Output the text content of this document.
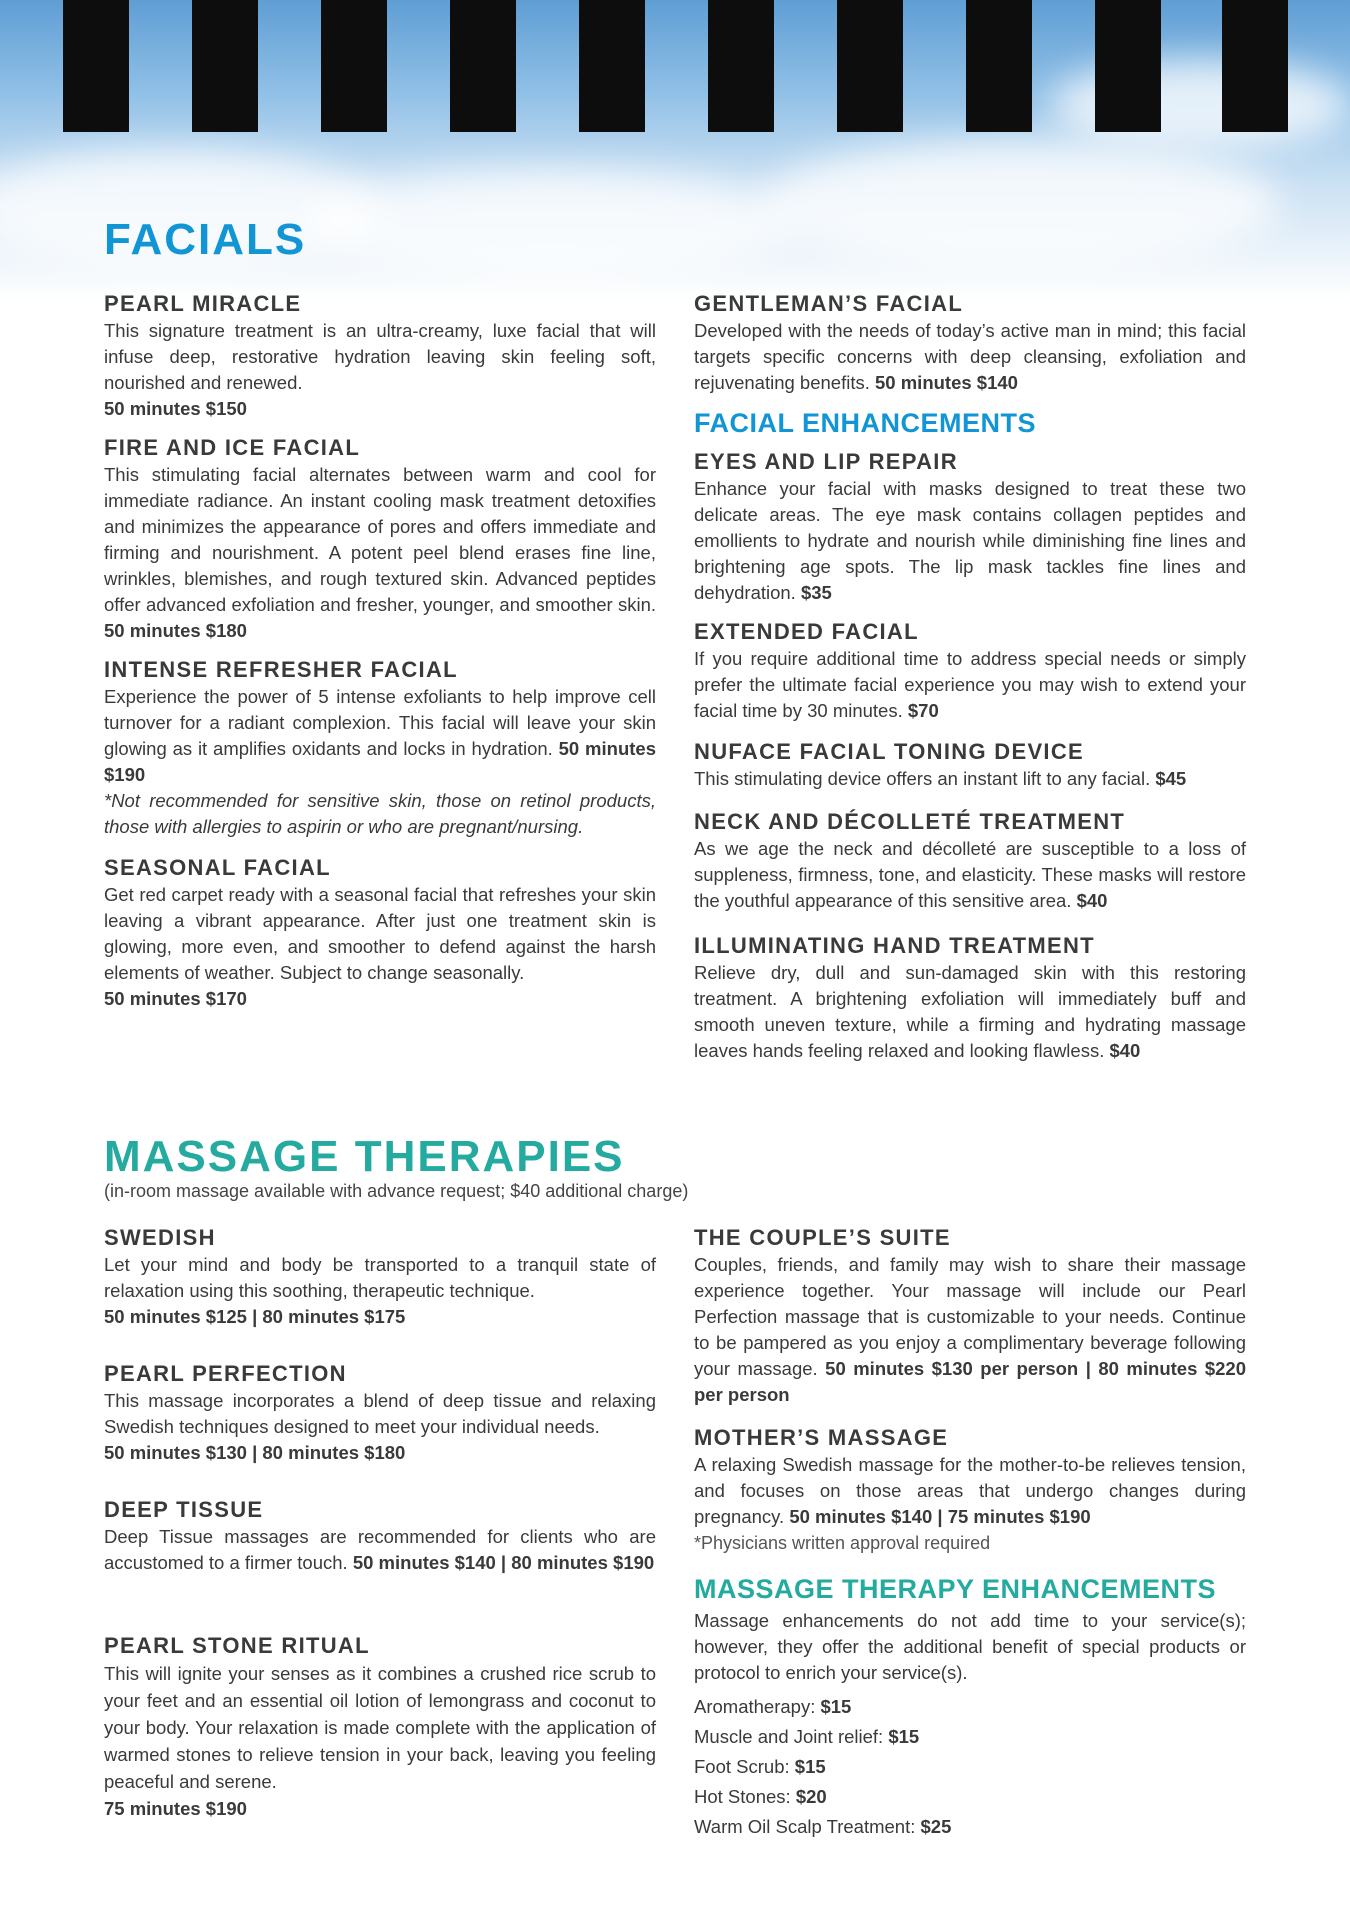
FACIALS
PEARL MIRACLE

This signature treatment is an ultra-creamy, luxe facial that will infuse deep, restorative hydration leaving skin feeling soft, nourished and renewed.
50 minutes $150

FIRE AND ICE FACIAL

This stimulating facial alternates between warm and cool for immediate radiance. An instant cooling mask treatment detoxifies and minimizes the appearance of pores and offers immediate and firming and nourishment. A potent peel blend erases fine line, wrinkles, blemishes, and rough textured skin. Advanced peptides offer advanced exfoliation and fresher, younger, and smoother skin. 50 minutes $180

INTENSE REFRESHER FACIAL

Experience the power of 5 intense exfoliants to help improve cell turnover for a radiant complexion. This facial will leave your skin glowing as it amplifies oxidants and locks in hydration. 50 minutes $190

*Not recommended for sensitive skin, those on retinol products, those with allergies to aspirin or who are pregnant/nursing.

SEASONAL FACIAL

Get red carpet ready with a seasonal facial that refreshes your skin leaving a vibrant appearance. After just one treatment skin is glowing, more even, and smoother to defend against the harsh elements of weather. Subject to change seasonally.
50 minutes $170

GENTLEMAN’S FACIAL

Developed with the needs of today’s active man in mind; this facial targets specific concerns with deep cleansing, exfoliation and rejuvenating benefits. 50 minutes $140

FACIAL ENHANCEMENTS
EYES AND LIP REPAIR

Enhance your facial with masks designed to treat these two delicate areas. The eye mask contains collagen peptides and emollients to hydrate and nourish while diminishing fine lines and brightening age spots. The lip mask tackles fine lines and dehydration. $35

EXTENDED FACIAL

If you require additional time to address special needs or simply prefer the ultimate facial experience you may wish to extend your facial time by 30 minutes. $70

NUFACE FACIAL TONING DEVICE

This stimulating device offers an instant lift to any facial. $45

NECK AND DÉCOLLETÉ TREATMENT

As we age the neck and décolleté are susceptible to a loss of suppleness, firmness, tone, and elasticity. These masks will restore the youthful appearance of this sensitive area. $40

ILLUMINATING HAND TREATMENT

Relieve dry, dull and sun-damaged skin with this restoring treatment. A brightening exfoliation will immediately buff and smooth uneven texture, while a firming and hydrating massage leaves hands feeling relaxed and looking flawless. $40

MASSAGE THERAPIES
(in-room massage available with advance request; $40 additional charge)
SWEDISH

Let your mind and body be transported to a tranquil state of relaxation using this soothing, therapeutic technique.
50 minutes $125 | 80 minutes $175

PEARL PERFECTION

This massage incorporates a blend of deep tissue and relaxing Swedish techniques designed to meet your individual needs.
50 minutes $130 | 80 minutes $180

DEEP TISSUE

Deep Tissue massages are recommended for clients who are accustomed to a firmer touch. 50 minutes $140 | 80 minutes $190

PEARL STONE RITUAL

This will ignite your senses as it combines a crushed rice scrub to your feet and an essential oil lotion of lemongrass and coconut to your body. Your relaxation is made complete with the application of warmed stones to relieve tension in your back, leaving you feeling peaceful and serene.
75 minutes $190

THE COUPLE’S SUITE

Couples, friends, and family may wish to share their massage experience together. Your massage will include our Pearl Perfection massage that is customizable to your needs. Continue to be pampered as you enjoy a complimentary beverage following your massage. 50 minutes $130 per person | 80 minutes $220 per person

MOTHER’S MASSAGE

A relaxing Swedish massage for the mother-to-be relieves tension, and focuses on those areas that undergo changes during pregnancy. 50 minutes $140 | 75 minutes $190

*Physicians written approval required

MASSAGE THERAPY ENHANCEMENTS

Massage enhancements do not add time to your service(s); however, they offer the additional benefit of special products or protocol to enrich your service(s).

Aromatherapy: $15

Muscle and Joint relief: $15

Foot Scrub: $15

Hot Stones: $20

Warm Oil Scalp Treatment: $25
